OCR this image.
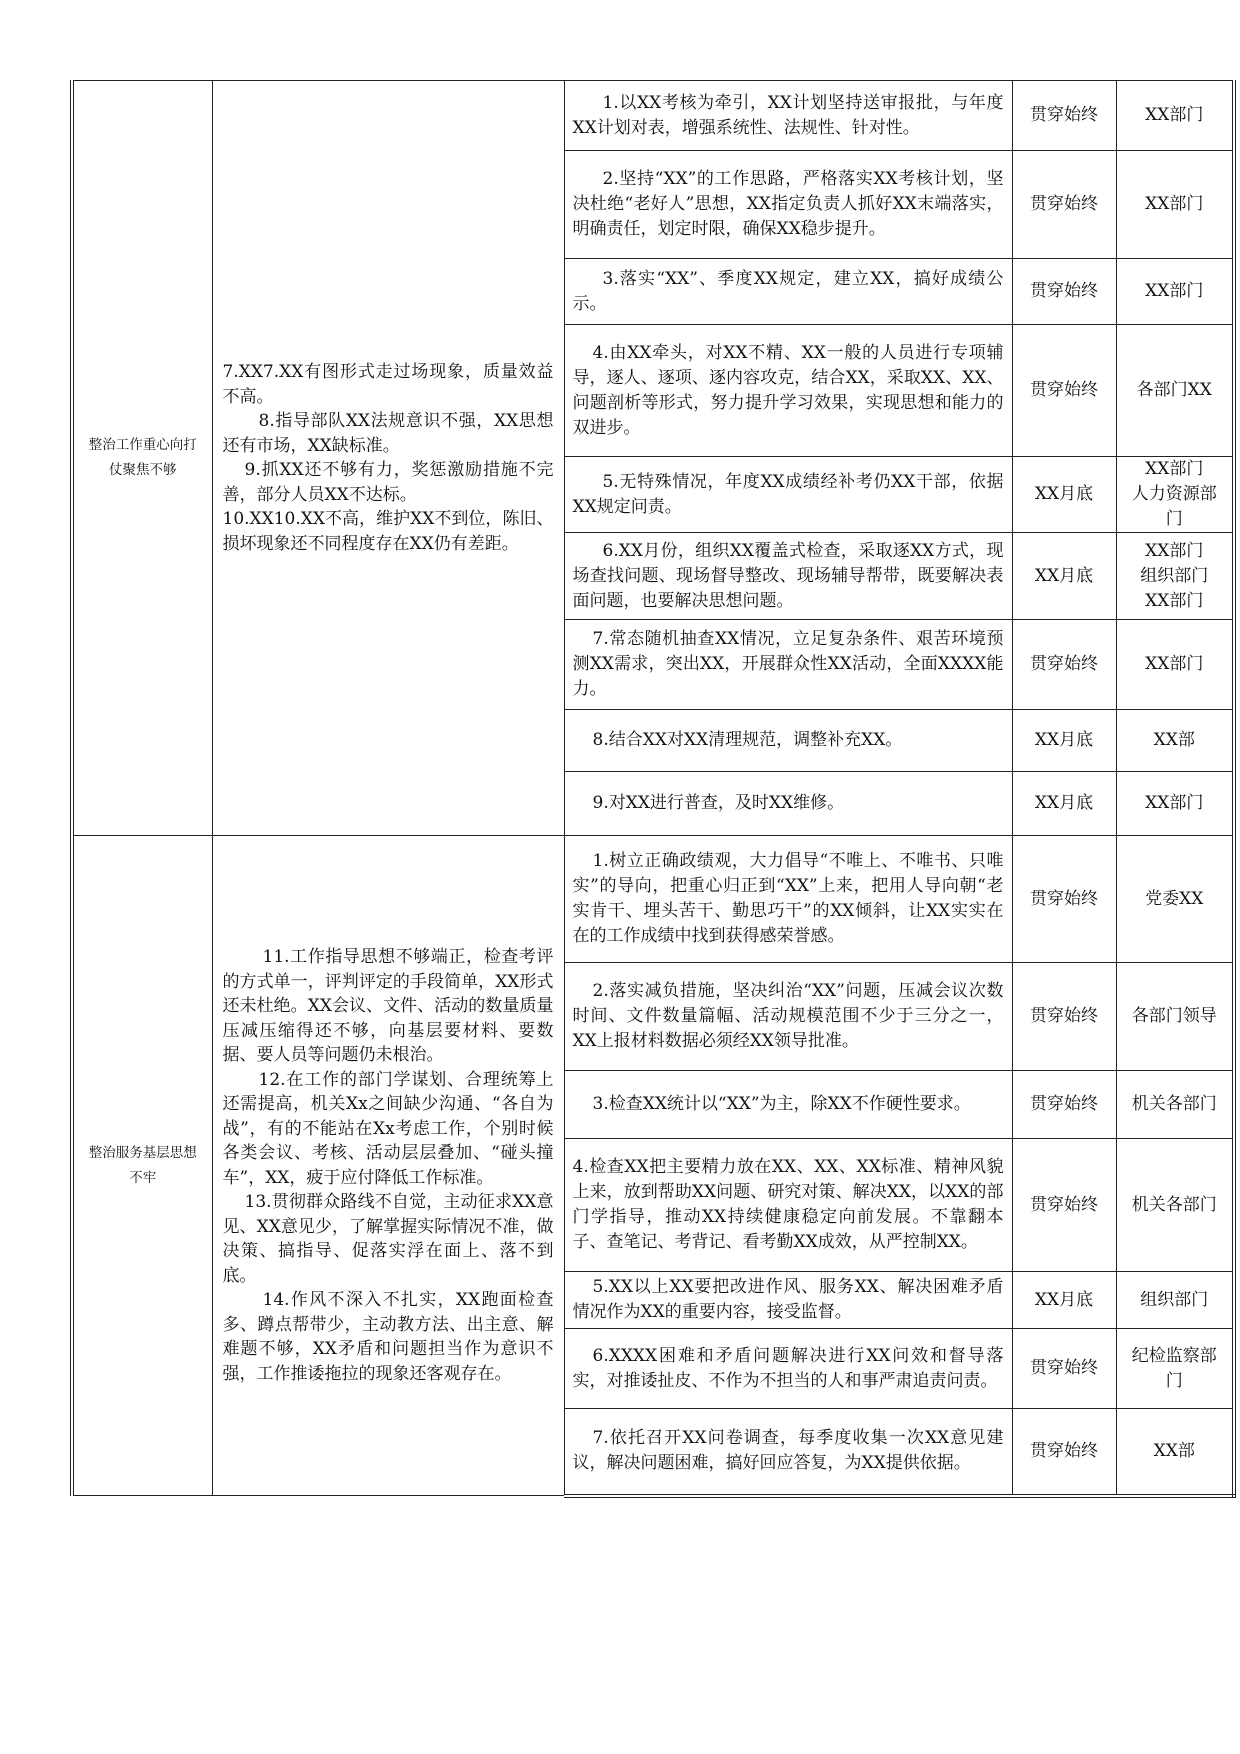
整治工作重心向打仗聚焦不够	7.XX7.XX有图形式走过场现象，质量效益不高。

8.指导部队XX法规意识不强，XX思想还有市场，XX缺标准。

9.抓XX还不够有力，奖惩激励措施不完善，部分人员XX不达标。

10.XX10.XX不高，维护XX不到位，陈旧、损坏现象还不同程度存在XX仍有差距。	1.以XX考核为牵引，XX计划坚持送审报批，与年度XX计划对表，增强系统性、法规性、针对性。	贯穿始终	XX部门

		2.坚持“XX”的工作思路，严格落实XX考核计划，坚决杜绝“老好人”思想，XX指定负责人抓好XX末端落实，明确责任，划定时限，确保XX稳步提升。	贯穿始终	XX部门

		3.落实“XX”、季度XX规定，建立XX，搞好成绩公示。	贯穿始终	XX部门

		4.由XX牵头，对XX不精、XX一般的人员进行专项辅导，逐人、逐项、逐内容攻克，结合XX，采取XX、XX、问题剖析等形式，努力提升学习效果，实现思想和能力的双进步。	贯穿始终	各部门XX

		5.无特殊情况，年度XX成绩经补考仍XX干部，依据XX规定问责。	XX月底	XX部门
人力资源部
门

		6.XX月份，组织XX覆盖式检查，采取逐XX方式，现场查找问题、现场督导整改、现场辅导帮带，既要解决表面问题，也要解决思想问题。	XX月底	XX部门
组织部门
XX部门

		7.常态随机抽查XX情况，立足复杂条件、艰苦环境预测XX需求，突出XX，开展群众性XX活动，全面XXXX能力。	贯穿始终	XX部门

		8.结合XX对XX清理规范，调整补充XX。	XX月底	XX部

		9.对XX进行普查，及时XX维修。	XX月底	XX部门

整治服务基层思想不牢	11.工作指导思想不够端正，检查考评的方式单一，评判评定的手段简单，XX形式还未杜绝。XX会议、文件、活动的数量质量压减压缩得还不够，向基层要材料、要数据、要人员等问题仍未根治。

12.在工作的部门学谋划、合理统筹上还需提高，机关Xx之间缺少沟通、“各自为战”，有的不能站在Xx考虑工作，个别时候各类会议、考核、活动层层叠加、“碰头撞车”，XX，疲于应付降低工作标准。

13.贯彻群众路线不自觉，主动征求XX意见、XX意见少，了解掌握实际情况不准，做决策、搞指导、促落实浮在面上、落不到底。

14.作风不深入不扎实，XX跑面检查多、蹲点帮带少，主动教方法、出主意、解难题不够，XX矛盾和问题担当作为意识不强，工作推诿拖拉的现象还客观存在。	1.树立正确政绩观，大力倡导“不唯上、不唯书、只唯实”的导向，把重心归正到“XX”上来，把用人导向朝“老实肯干、埋头苦干、勤思巧干”的XX倾斜，让XX实实在在的工作成绩中找到获得感荣誉感。	贯穿始终	党委XX

		2.落实减负措施，坚决纠治“XX”问题，压减会议次数时间、文件数量篇幅、活动规模范围不少于三分之一，XX上报材料数据必须经XX领导批准。	贯穿始终	各部门领导

		3.检查XX统计以“XX”为主，除XX不作硬性要求。	贯穿始终	机关各部门

		4.检查XX把主要精力放在XX、XX、XX标准、精神风貌上来，放到帮助XX问题、研究对策、解决XX，以XX的部门学指导，推动XX持续健康稳定向前发展。不靠翻本子、查笔记、考背记、看考勤XX成效，从严控制XX。	贯穿始终	机关各部门

		5.XX以上XX要把改进作风、服务XX、解决困难矛盾情况作为XX的重要内容，接受监督。	XX月底	组织部门

		6.XXXX困难和矛盾问题解决进行XX问效和督导落实，对推诿扯皮、不作为不担当的人和事严肃追责问责。	贯穿始终	纪检监察部
门

		7.依托召开XX问卷调查，每季度收集一次XX意见建议，解决问题困难，搞好回应答复，为XX提供依据。	贯穿始终	XX部
